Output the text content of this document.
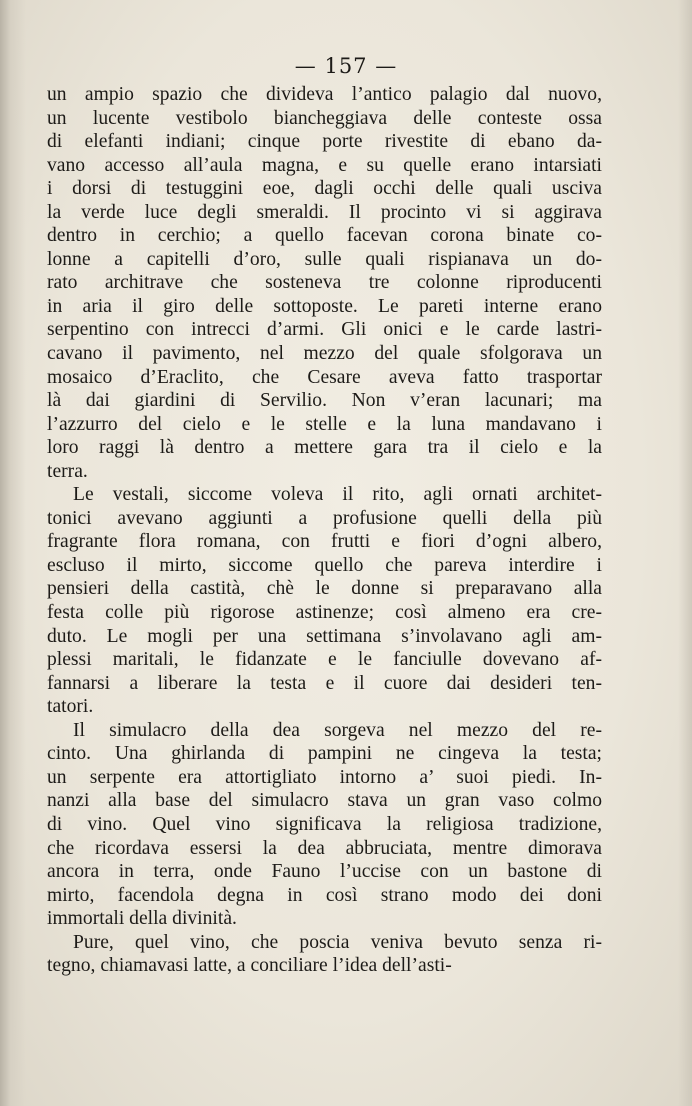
— 157 —
un ampio spazio che divideva l’antico palagio dal nuovo,
un lucente vestibolo biancheggiava delle conteste ossa
di elefanti indiani; cinque porte rivestite di ebano da-
vano accesso all’aula magna, e su quelle erano intarsiati
i dorsi di testuggini eoe, dagli occhi delle quali usciva
la verde luce degli smeraldi. Il procinto vi si aggirava
dentro in cerchio; a quello facevan corona binate co-
lonne a capitelli d’oro, sulle quali rispianava un do-
rato architrave che sosteneva tre colonne riproducenti
in aria il giro delle sottoposte. Le pareti interne erano
serpentino con intrecci d’armi. Gli onici e le carde lastri-
cavano il pavimento, nel mezzo del quale sfolgorava un
mosaico d’Eraclito, che Cesare aveva fatto trasportar
là dai giardini di Servilio. Non v’eran lacunari; ma
l’azzurro del cielo e le stelle e la luna mandavano i
loro raggi là dentro a mettere gara tra il cielo e la
terra.
Le vestali, siccome voleva il rito, agli ornati architet-
tonici avevano aggiunti a profusione quelli della più
fragrante flora romana, con frutti e fiori d’ogni albero,
escluso il mirto, siccome quello che pareva interdire i
pensieri della castità, chè le donne si preparavano alla
festa colle più rigorose astinenze; così almeno era cre-
duto. Le mogli per una settimana s’involavano agli am-
plessi maritali, le fidanzate e le fanciulle dovevano af-
fannarsi a liberare la testa e il cuore dai desideri ten-
tatori.
Il simulacro della dea sorgeva nel mezzo del re-
cinto. Una ghirlanda di pampini ne cingeva la testa;
un serpente era attortigliato intorno a’ suoi piedi. In-
nanzi alla base del simulacro stava un gran vaso colmo
di vino. Quel vino significava la religiosa tradizione,
che ricordava essersi la dea abbruciata, mentre dimorava
ancora in terra, onde Fauno l’uccise con un bastone di
mirto, facendola degna in così strano modo dei doni
immortali della divinità.
Pure, quel vino, che poscia veniva bevuto senza ri-
tegno, chiamavasi latte, a conciliare l’idea dell’asti-
